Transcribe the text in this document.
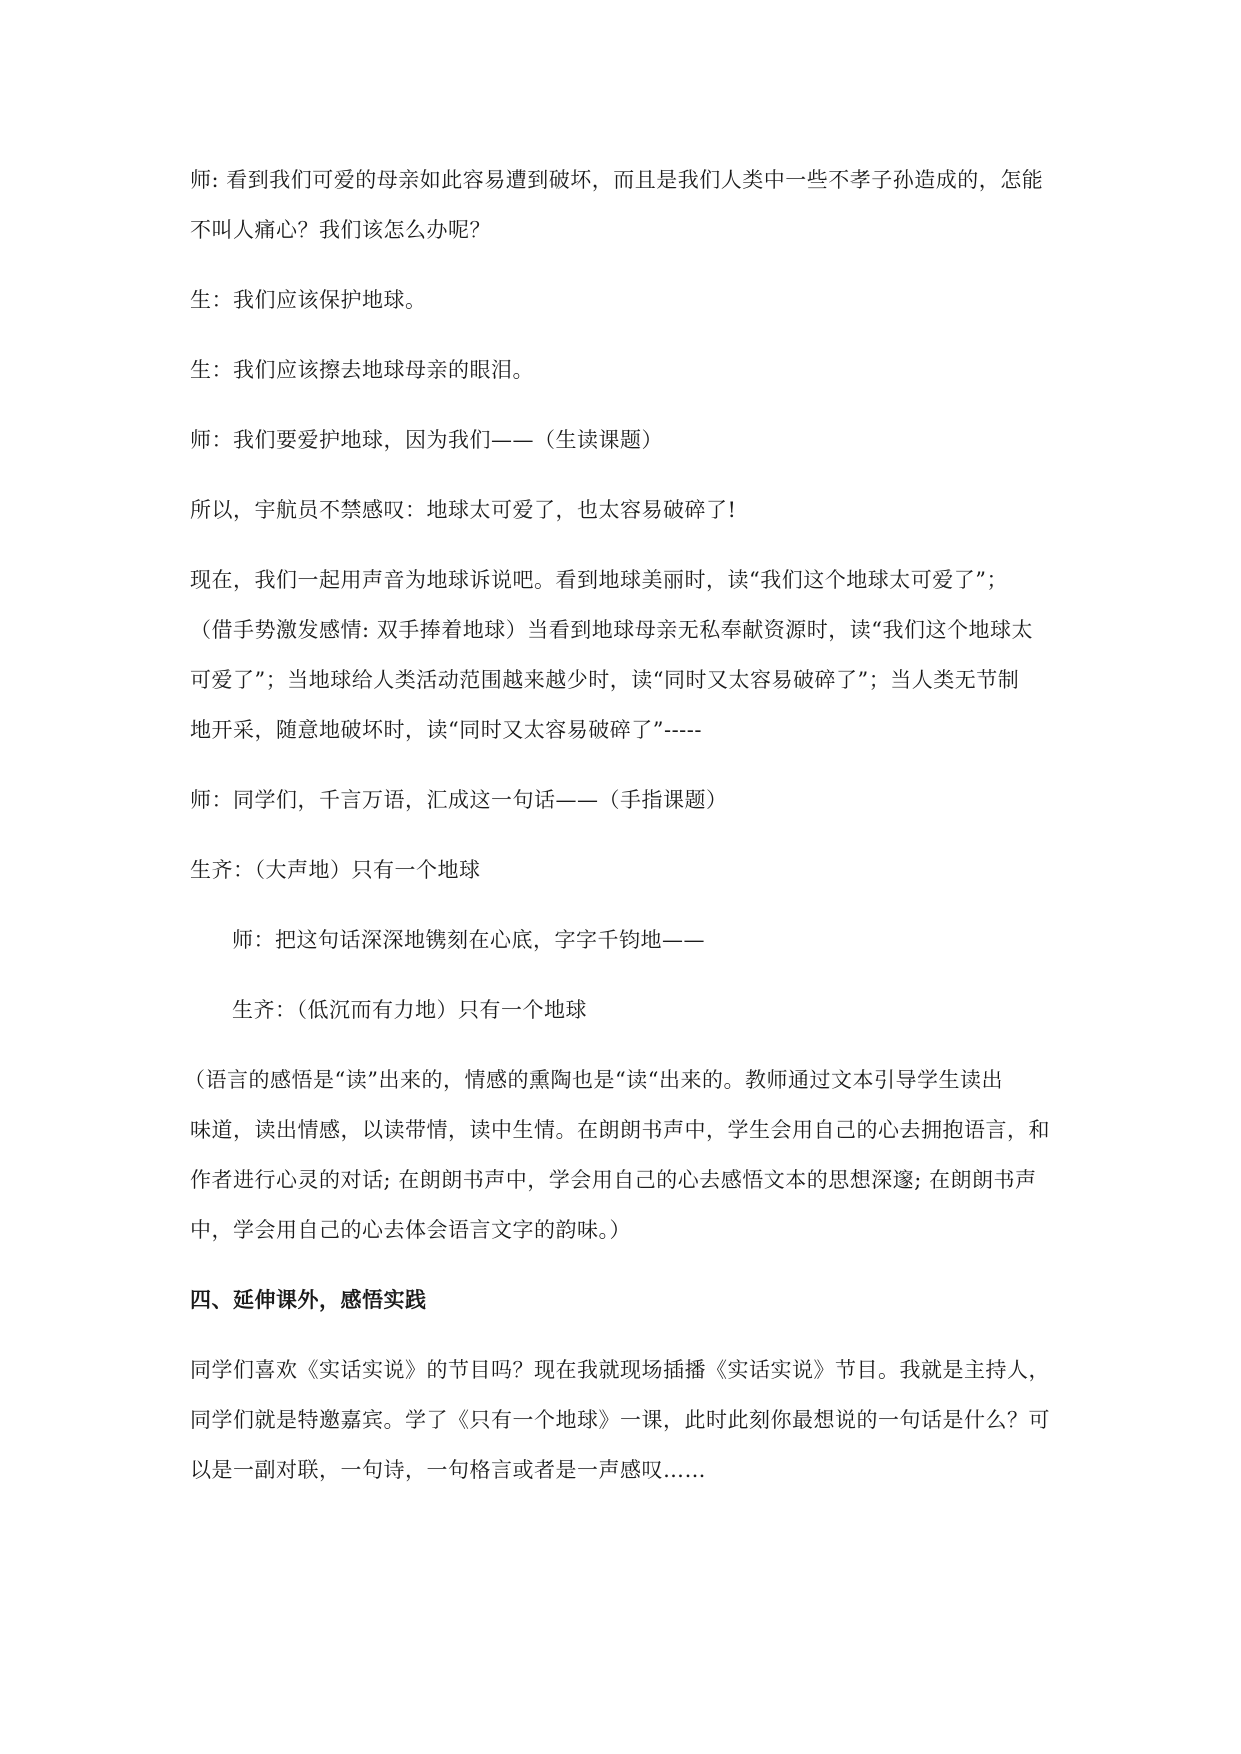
师: 看到我们可爱的母亲如此容易遭到破坏，而且是我们人类中一些不孝子孙造成的，怎能
不叫人痛心？我们该怎么办呢？

生：我们应该保护地球。

生：我们应该擦去地球母亲的眼泪。

师：我们要爱护地球，因为我们——（生读课题）

所以，宇航员不禁感叹：地球太可爱了，也太容易破碎了!

现在，我们一起用声音为地球诉说吧。看到地球美丽时，读“我们这个地球太可爱了”；
（借手势激发感情: 双手捧着地球）当看到地球母亲无私奉献资源时，读“我们这个地球太
可爱了”；当地球给人类活动范围越来越少时，读“同时又太容易破碎了”；当人类无节制
地开采，随意地破坏时，读“同时又太容易破碎了”-----

师：同学们，千言万语，汇成这一句话——（手指课题）

生齐：（大声地）只有一个地球

师：把这句话深深地镌刻在心底，字字千钧地——

生齐：（低沉而有力地）只有一个地球

（语言的感悟是“读”出来的，情感的熏陶也是“读“出来的。教师通过文本引导学生读出
味道，读出情感，以读带情，读中生情。在朗朗书声中，学生会用自己的心去拥抱语言，和
作者进行心灵的对话; 在朗朗书声中，学会用自己的心去感悟文本的思想深邃; 在朗朗书声
中，学会用自己的心去体会语言文字的韵味。）

四、延伸课外，感悟实践

同学们喜欢《实话实说》的节目吗？现在我就现场插播《实话实说》节目。我就是主持人，
同学们就是特邀嘉宾。学了《只有一个地球》一课，此时此刻你最想说的一句话是什么？可
以是一副对联，一句诗，一句格言或者是一声感叹……
